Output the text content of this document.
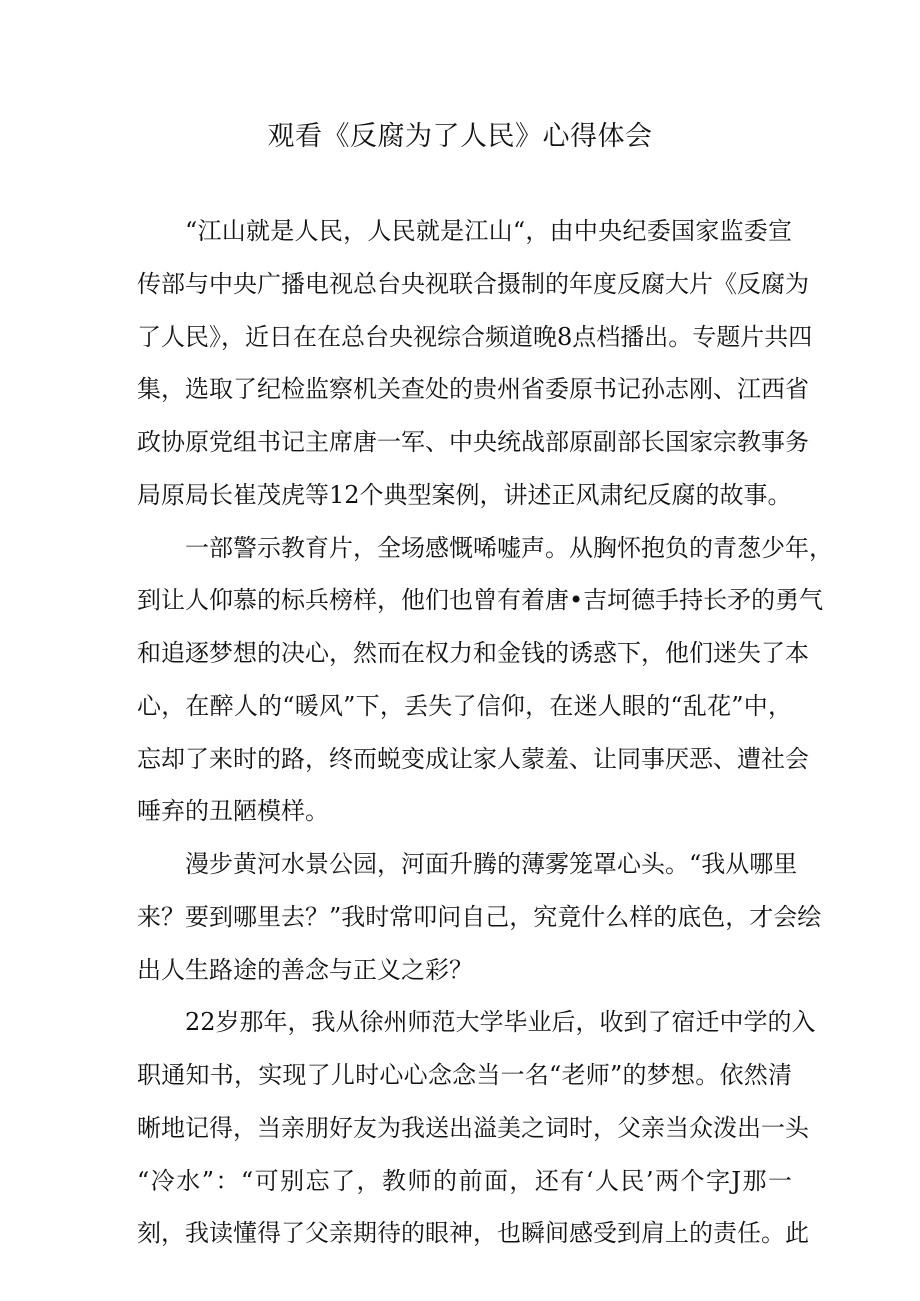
观看《反腐为了人民》心得体会
“江山就是人民，人民就是江山“，由中央纪委国家监委宣
传部与中央广播电视总台央视联合摄制的年度反腐大片《反腐为
了人民》，近日在在总台央视综合频道晚8点档播出。专题片共四
集，选取了纪检监察机关查处的贵州省委原书记孙志刚、江西省
政协原党组书记主席唐一军、中央统战部原副部长国家宗教事务
局原局长崔茂虎等12个典型案例，讲述正风肃纪反腐的故事。
一部警示教育片，全场感慨唏嘘声。从胸怀抱负的青葱少年，
到让人仰慕的标兵榜样，他们也曾有着唐•吉坷德手持长矛的勇气
和追逐梦想的决心，然而在权力和金钱的诱惑下，他们迷失了本
心，在醉人的“暖风”下，丢失了信仰，在迷人眼的“乱花”中，
忘却了来时的路，终而蜕变成让家人蒙羞、让同事厌恶、遭社会
唾弃的丑陋模样。
漫步黄河水景公园，河面升腾的薄雾笼罩心头。“我从哪里
来？要到哪里去？”我时常叩问自己，究竟什么样的底色，才会绘
出人生路途的善念与正义之彩？
22岁那年，我从徐州师范大学毕业后，收到了宿迁中学的入
职通知书，实现了儿时心心念念当一名“老师”的梦想。依然清
晰地记得，当亲朋好友为我送出溢美之词时，父亲当众泼出一头
“冷水”：“可别忘了，教师的前面，还有‘人民’两个字J那一
刻，我读懂得了父亲期待的眼神，也瞬间感受到肩上的责任。此
